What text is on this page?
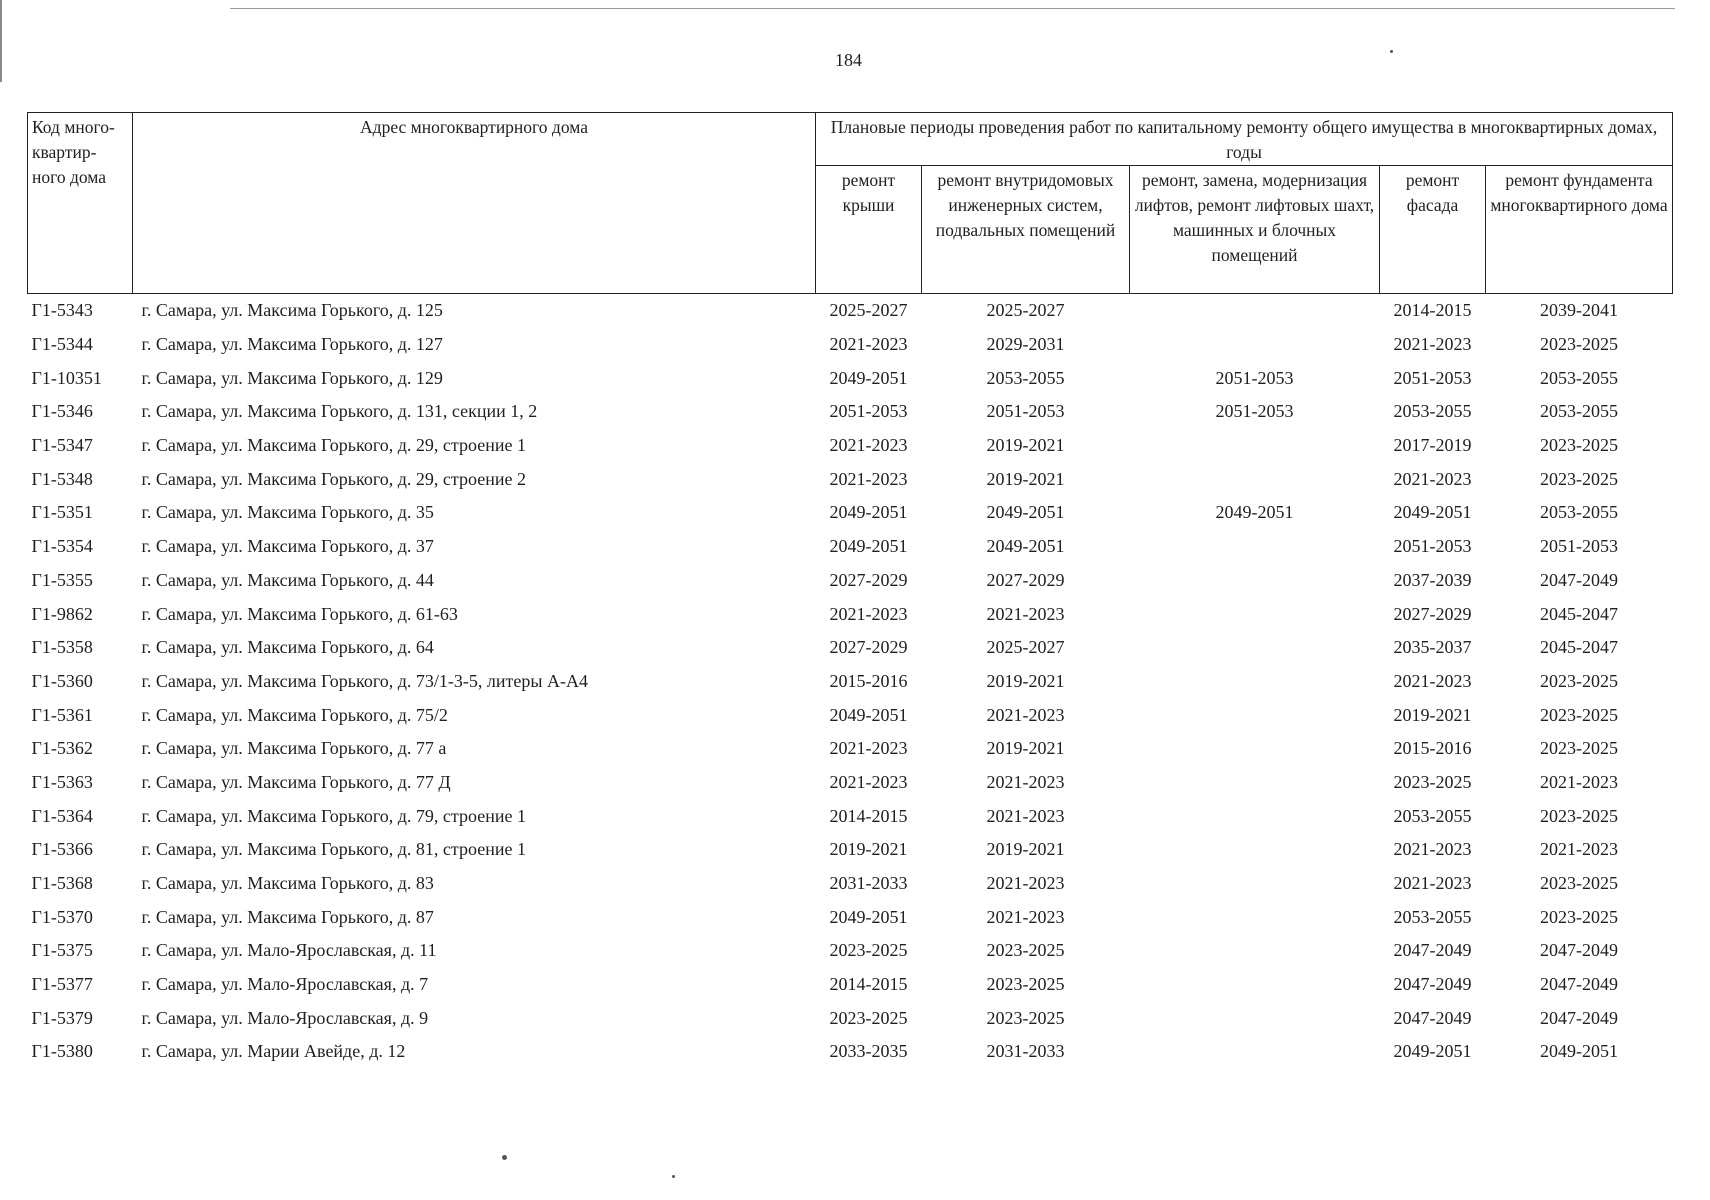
184
Код много-квартир-ного дома	Адрес многоквартирного дома	Плановые периоды проведения работ по капитальному ремонту общего имущества в многоквартирных домах, годы				
		ремонт крыши	ремонт внутридомовых инженерных систем, подвальных помещений	ремонт, замена, модернизация лифтов, ремонт лифтовых шахт, машинных и блочных помещений	ремонт фасада	ремонт фундамента многоквартирного дома
Г1-5343	г. Самара, ул. Максима Горького, д. 125	2025-2027	2025-2027		2014-2015	2039-2041
Г1-5344	г. Самара, ул. Максима Горького, д. 127	2021-2023	2029-2031		2021-2023	2023-2025
Г1-10351	г. Самара, ул. Максима Горького, д. 129	2049-2051	2053-2055	2051-2053	2051-2053	2053-2055
Г1-5346	г. Самара, ул. Максима Горького, д. 131, секции 1, 2	2051-2053	2051-2053	2051-2053	2053-2055	2053-2055
Г1-5347	г. Самара, ул. Максима Горького, д. 29, строение 1	2021-2023	2019-2021		2017-2019	2023-2025
Г1-5348	г. Самара, ул. Максима Горького, д. 29, строение 2	2021-2023	2019-2021		2021-2023	2023-2025
Г1-5351	г. Самара, ул. Максима Горького, д. 35	2049-2051	2049-2051	2049-2051	2049-2051	2053-2055
Г1-5354	г. Самара, ул. Максима Горького, д. 37	2049-2051	2049-2051		2051-2053	2051-2053
Г1-5355	г. Самара, ул. Максима Горького, д. 44	2027-2029	2027-2029		2037-2039	2047-2049
Г1-9862	г. Самара, ул. Максима Горького, д. 61-63	2021-2023	2021-2023		2027-2029	2045-2047
Г1-5358	г. Самара, ул. Максима Горького, д. 64	2027-2029	2025-2027		2035-2037	2045-2047
Г1-5360	г. Самара, ул. Максима Горького, д. 73/1-3-5, литеры А-А4	2015-2016	2019-2021		2021-2023	2023-2025
Г1-5361	г. Самара, ул. Максима Горького, д. 75/2	2049-2051	2021-2023		2019-2021	2023-2025
Г1-5362	г. Самара, ул. Максима Горького, д. 77 а	2021-2023	2019-2021		2015-2016	2023-2025
Г1-5363	г. Самара, ул. Максима Горького, д. 77 Д	2021-2023	2021-2023		2023-2025	2021-2023
Г1-5364	г. Самара, ул. Максима Горького, д. 79, строение 1	2014-2015	2021-2023		2053-2055	2023-2025
Г1-5366	г. Самара, ул. Максима Горького, д. 81, строение 1	2019-2021	2019-2021		2021-2023	2021-2023
Г1-5368	г. Самара, ул. Максима Горького, д. 83	2031-2033	2021-2023		2021-2023	2023-2025
Г1-5370	г. Самара, ул. Максима Горького, д. 87	2049-2051	2021-2023		2053-2055	2023-2025
Г1-5375	г. Самара, ул. Мало-Ярославская, д. 11	2023-2025	2023-2025		2047-2049	2047-2049
Г1-5377	г. Самара, ул. Мало-Ярославская, д. 7	2014-2015	2023-2025		2047-2049	2047-2049
Г1-5379	г. Самара, ул. Мало-Ярославская, д. 9	2023-2025	2023-2025		2047-2049	2047-2049
Г1-5380	г. Самара, ул. Марии Авейде, д. 12	2033-2035	2031-2033		2049-2051	2049-2051
